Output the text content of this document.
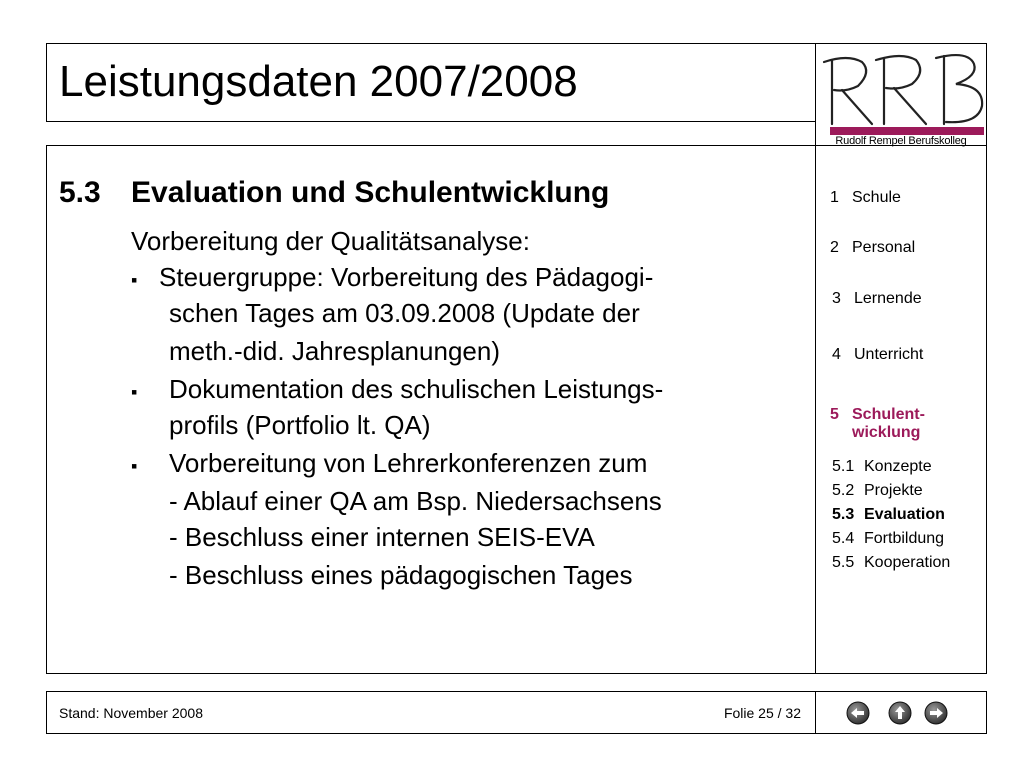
Leistungsdaten 2007/2008
Rudolf Rempel Berufskolleg
5.3 Evaluation und Schulentwicklung
Vorbereitung der Qualitätsanalyse:
▪ Steuergruppe: Vorbereitung des Pädagogi-
schen Tages am 03.09.2008 (Update der
meth.-did. Jahresplanungen)
▪ Dokumentation des schulischen Leistungs-
profils (Portfolio lt. QA)
▪ Vorbereitung von Lehrerkonferenzen zum
- Ablauf einer QA am Bsp. Niedersachsens
- Beschluss einer internen SEIS-EVA
- Beschluss eines pädagogischen Tages
1 Schule
2 Personal
3 Lernende
4 Unterricht
5 Schulent-
wicklung
5.1 Konzepte
5.2 Projekte
5.3 Evaluation
5.4 Fortbildung
5.5 Kooperation
Stand: November 2008	Folie 25 / 32
